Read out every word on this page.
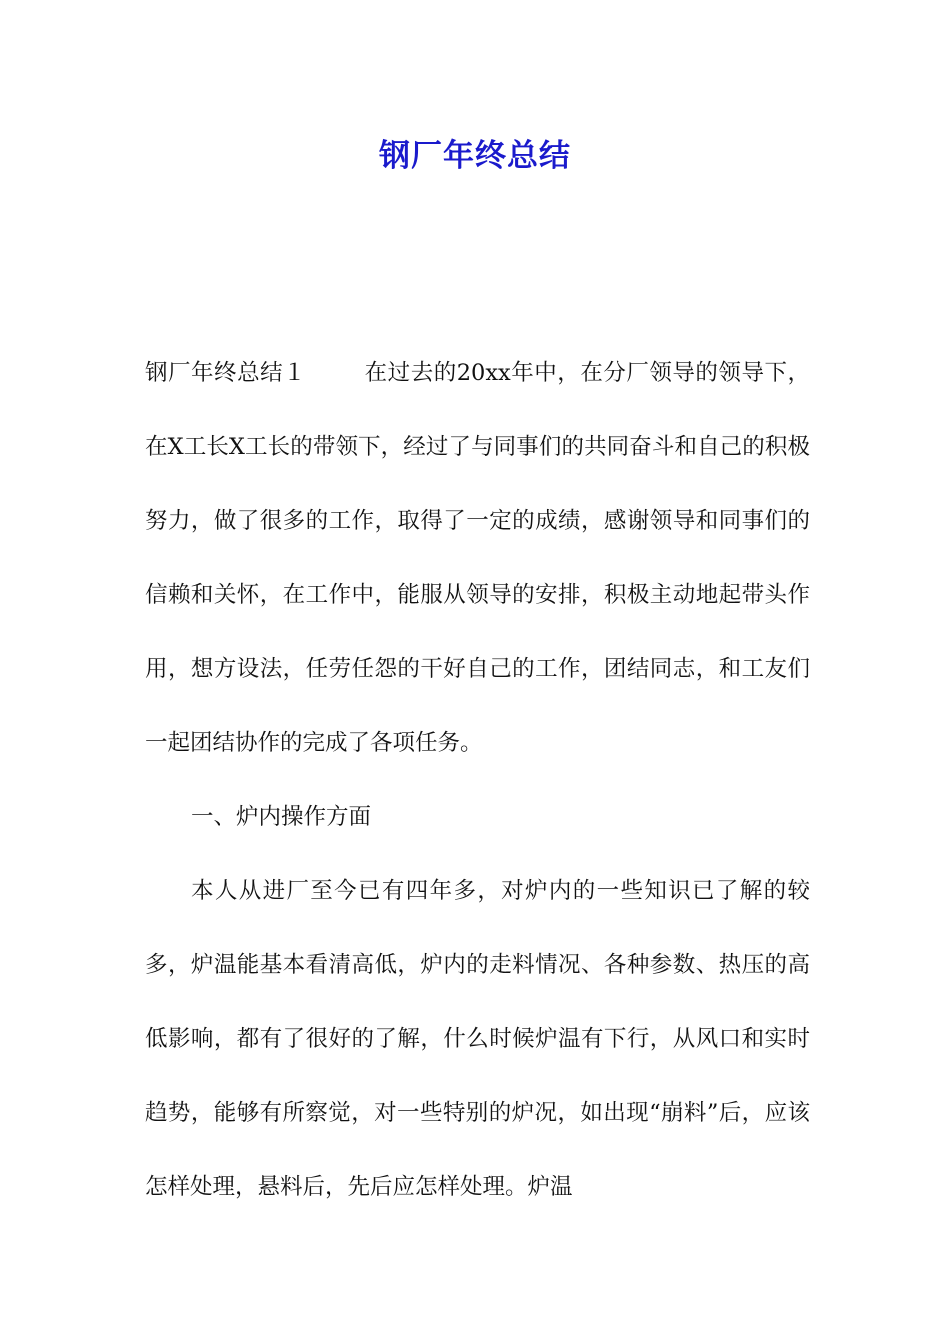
钢厂年终总结

钢厂年终总结１	在过去的20xx年中，在分厂领导的领导下，在X工长X工长的带领下，经过了与同事们的共同奋斗和自己的积极努力，做了很多的工作，取得了一定的成绩，感谢领导和同事们的信赖和关怀，在工作中，能服从领导的安排，积极主动地起带头作用，想方设法，任劳任怨的干好自己的工作，团结同志，和工友们一起团结协作的完成了各项任务。

一、炉内操作方面

本人从进厂至今已有四年多，对炉内的一些知识已了解的较多，炉温能基本看清高低，炉内的走料情况、各种参数、热压的高低影响，都有了很好的了解，什么时候炉温有下行，从风口和实时趋势，能够有所察觉，对一些特别的炉况，如出现“崩料”后，应该怎样处理，悬料后，先后应怎样处理。炉温
